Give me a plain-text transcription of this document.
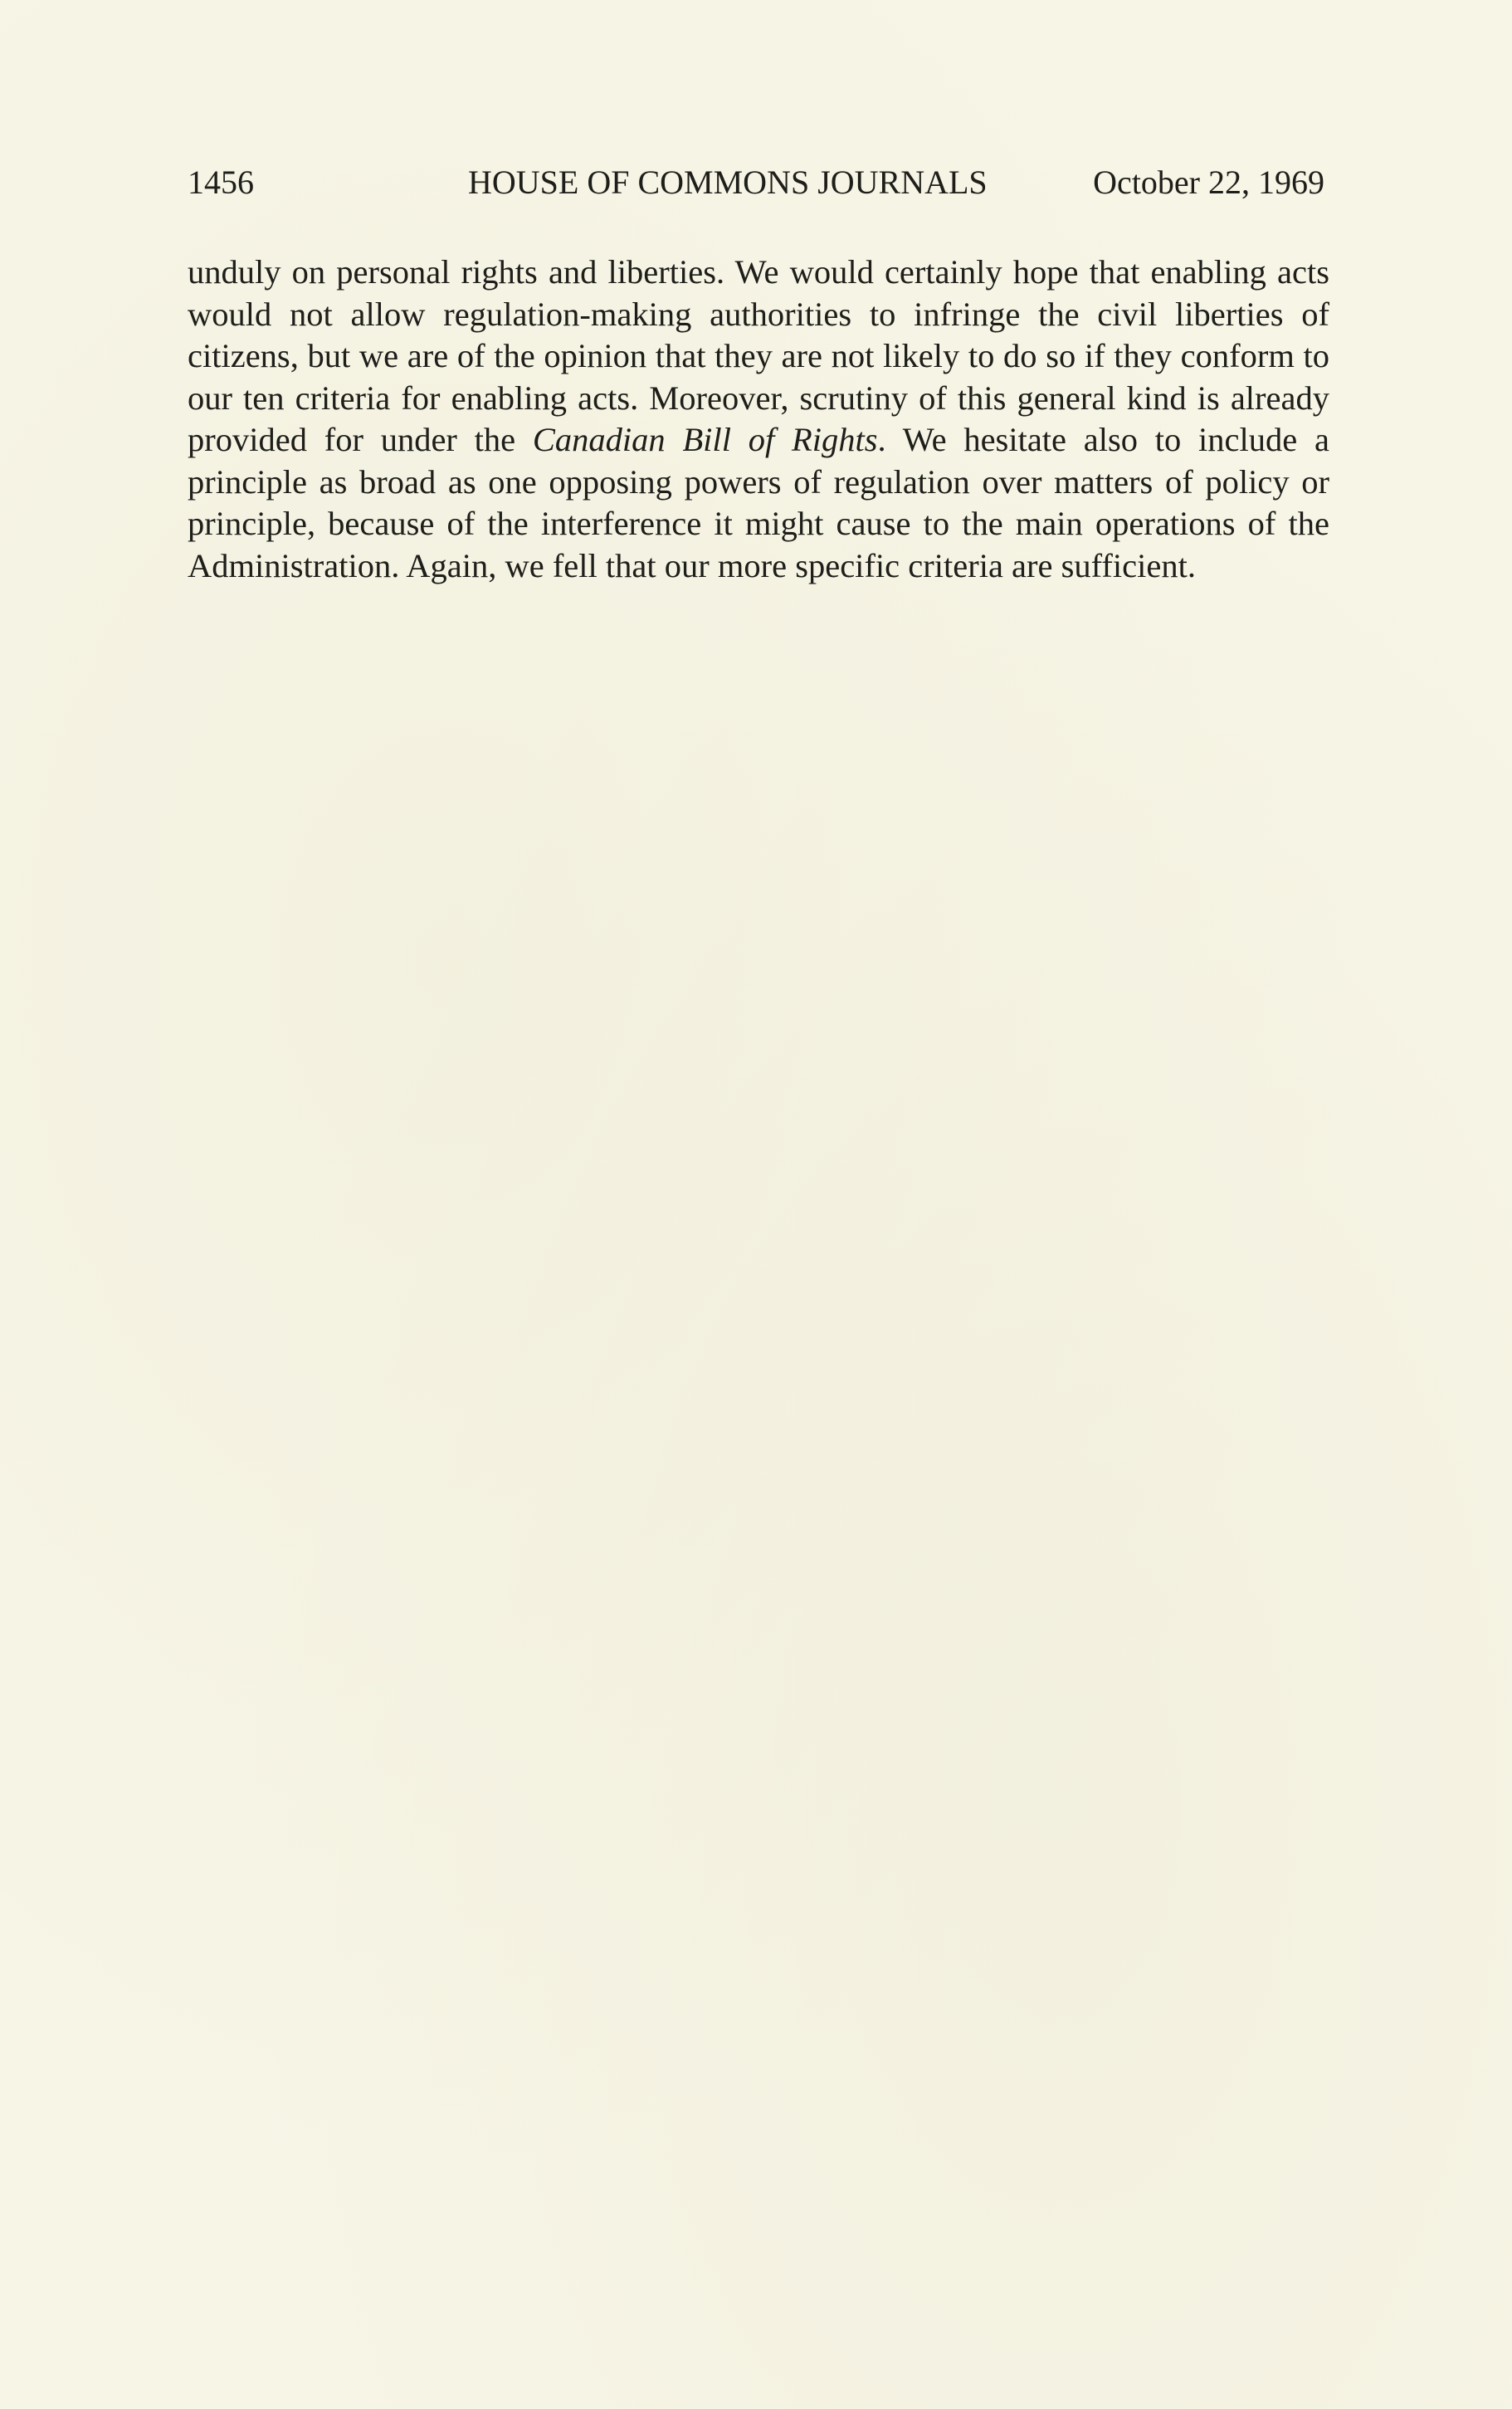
1456	HOUSE OF COMMONS JOURNALS	October 22, 1969

unduly on personal rights and liberties. We would certainly hope that enabling acts would not allow regulation-making authorities to infringe the civil liberties of citizens, but we are of the opinion that they are not likely to do so if they conform to our ten criteria for enabling acts. Moreover, scrutiny of this general kind is already provided for under the Canadian Bill of Rights. We hesitate also to include a principle as broad as one opposing powers of regulation over matters of policy or principle, because of the interference it might cause to the main operations of the Administration. Again, we fell that our more specific criteria are sufficient.
